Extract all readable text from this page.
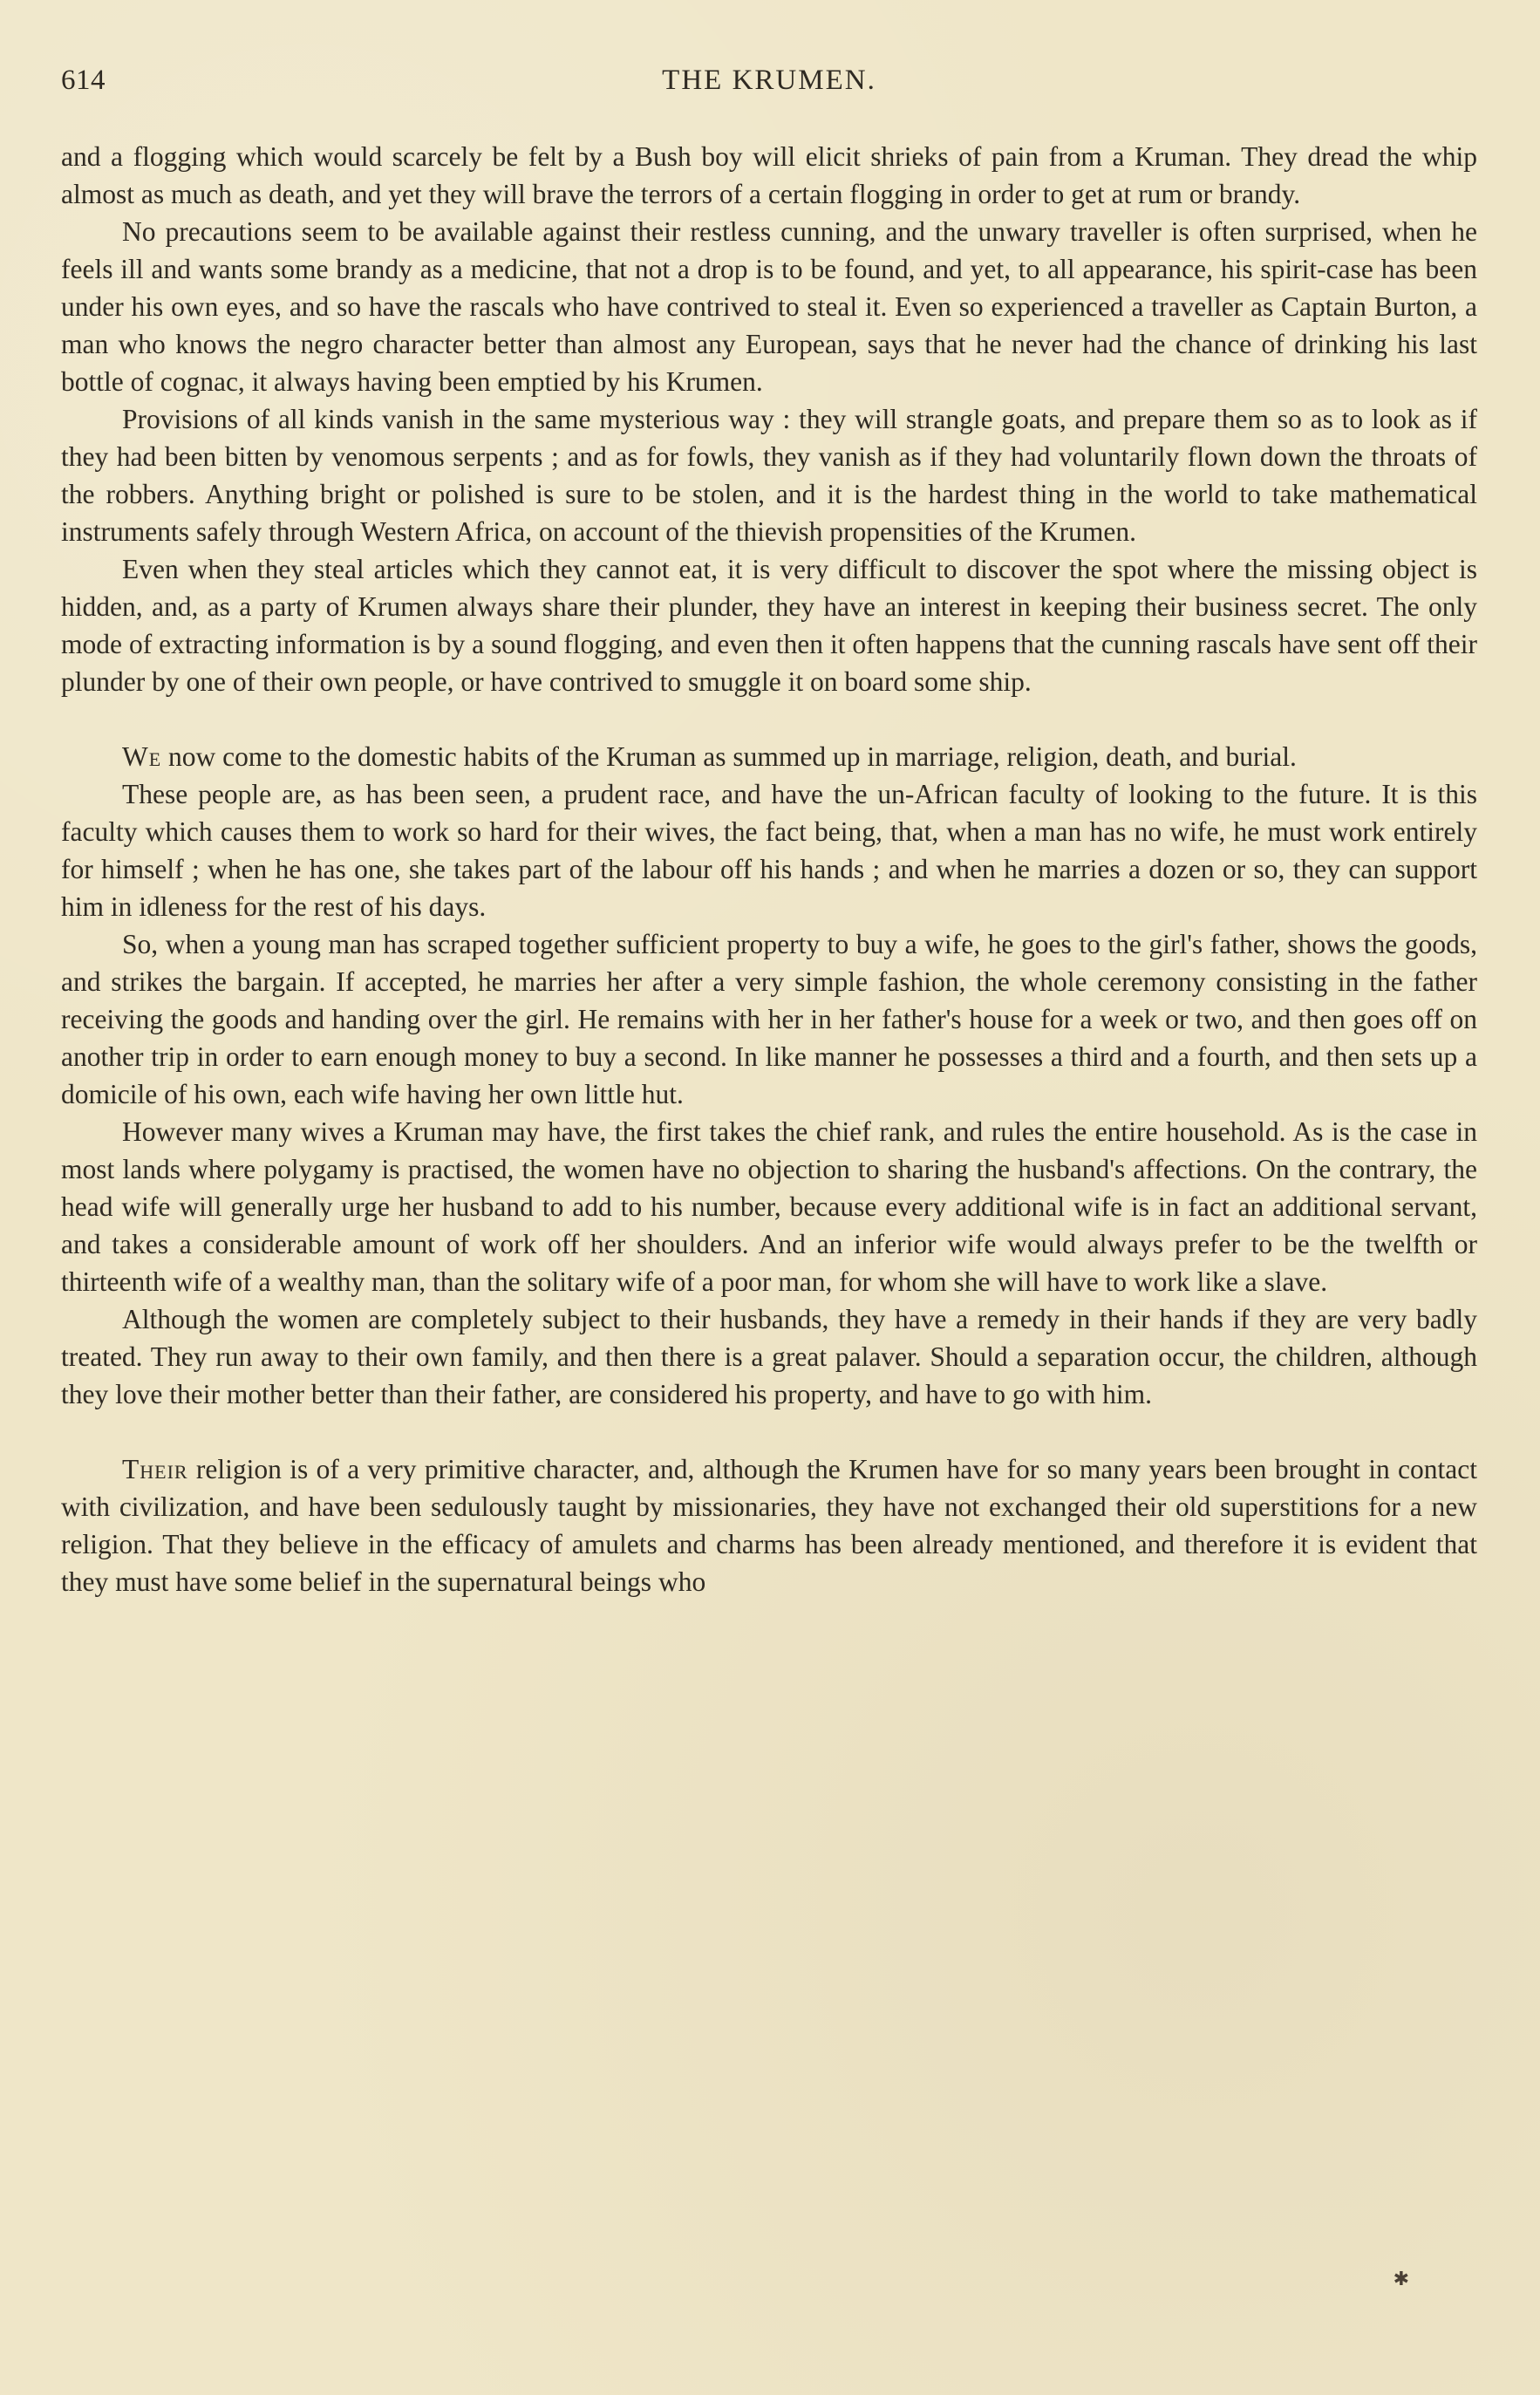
614	THE KRUMEN.

and a flogging which would scarcely be felt by a Bush boy will elicit shrieks of pain from a Kruman. They dread the whip almost as much as death, and yet they will brave the terrors of a certain flogging in order to get at rum or brandy.

No precautions seem to be available against their restless cunning, and the unwary traveller is often surprised, when he feels ill and wants some brandy as a medicine, that not a drop is to be found, and yet, to all appearance, his spirit-case has been under his own eyes, and so have the rascals who have contrived to steal it. Even so experienced a traveller as Captain Burton, a man who knows the negro character better than almost any European, says that he never had the chance of drinking his last bottle of cognac, it always having been emptied by his Krumen.

Provisions of all kinds vanish in the same mysterious way : they will strangle goats, and prepare them so as to look as if they had been bitten by venomous serpents ; and as for fowls, they vanish as if they had voluntarily flown down the throats of the robbers. Anything bright or polished is sure to be stolen, and it is the hardest thing in the world to take mathematical instruments safely through Western Africa, on account of the thievish propensities of the Krumen.

Even when they steal articles which they cannot eat, it is very difficult to discover the spot where the missing object is hidden, and, as a party of Krumen always share their plunder, they have an interest in keeping their business secret. The only mode of extracting information is by a sound flogging, and even then it often happens that the cunning rascals have sent off their plunder by one of their own people, or have contrived to smuggle it on board some ship.

We now come to the domestic habits of the Kruman as summed up in marriage, religion, death, and burial.

These people are, as has been seen, a prudent race, and have the un-African faculty of looking to the future. It is this faculty which causes them to work so hard for their wives, the fact being, that, when a man has no wife, he must work entirely for himself ; when he has one, she takes part of the labour off his hands ; and when he marries a dozen or so, they can support him in idleness for the rest of his days.

So, when a young man has scraped together sufficient property to buy a wife, he goes to the girl's father, shows the goods, and strikes the bargain. If accepted, he marries her after a very simple fashion, the whole ceremony consisting in the father receiving the goods and handing over the girl. He remains with her in her father's house for a week or two, and then goes off on another trip in order to earn enough money to buy a second. In like manner he possesses a third and a fourth, and then sets up a domicile of his own, each wife having her own little hut.

However many wives a Kruman may have, the first takes the chief rank, and rules the entire household. As is the case in most lands where polygamy is practised, the women have no objection to sharing the husband's affections. On the contrary, the head wife will generally urge her husband to add to his number, because every additional wife is in fact an additional servant, and takes a considerable amount of work off her shoulders. And an inferior wife would always prefer to be the twelfth or thirteenth wife of a wealthy man, than the solitary wife of a poor man, for whom she will have to work like a slave.

Although the women are completely subject to their husbands, they have a remedy in their hands if they are very badly treated. They run away to their own family, and then there is a great palaver. Should a separation occur, the children, although they love their mother better than their father, are considered his property, and have to go with him.

Their religion is of a very primitive character, and, although the Krumen have for so many years been brought in contact with civilization, and have been sedulously taught by missionaries, they have not exchanged their old superstitions for a new religion. That they believe in the efficacy of amulets and charms has been already mentioned, and therefore it is evident that they must have some belief in the supernatural beings who

✱
